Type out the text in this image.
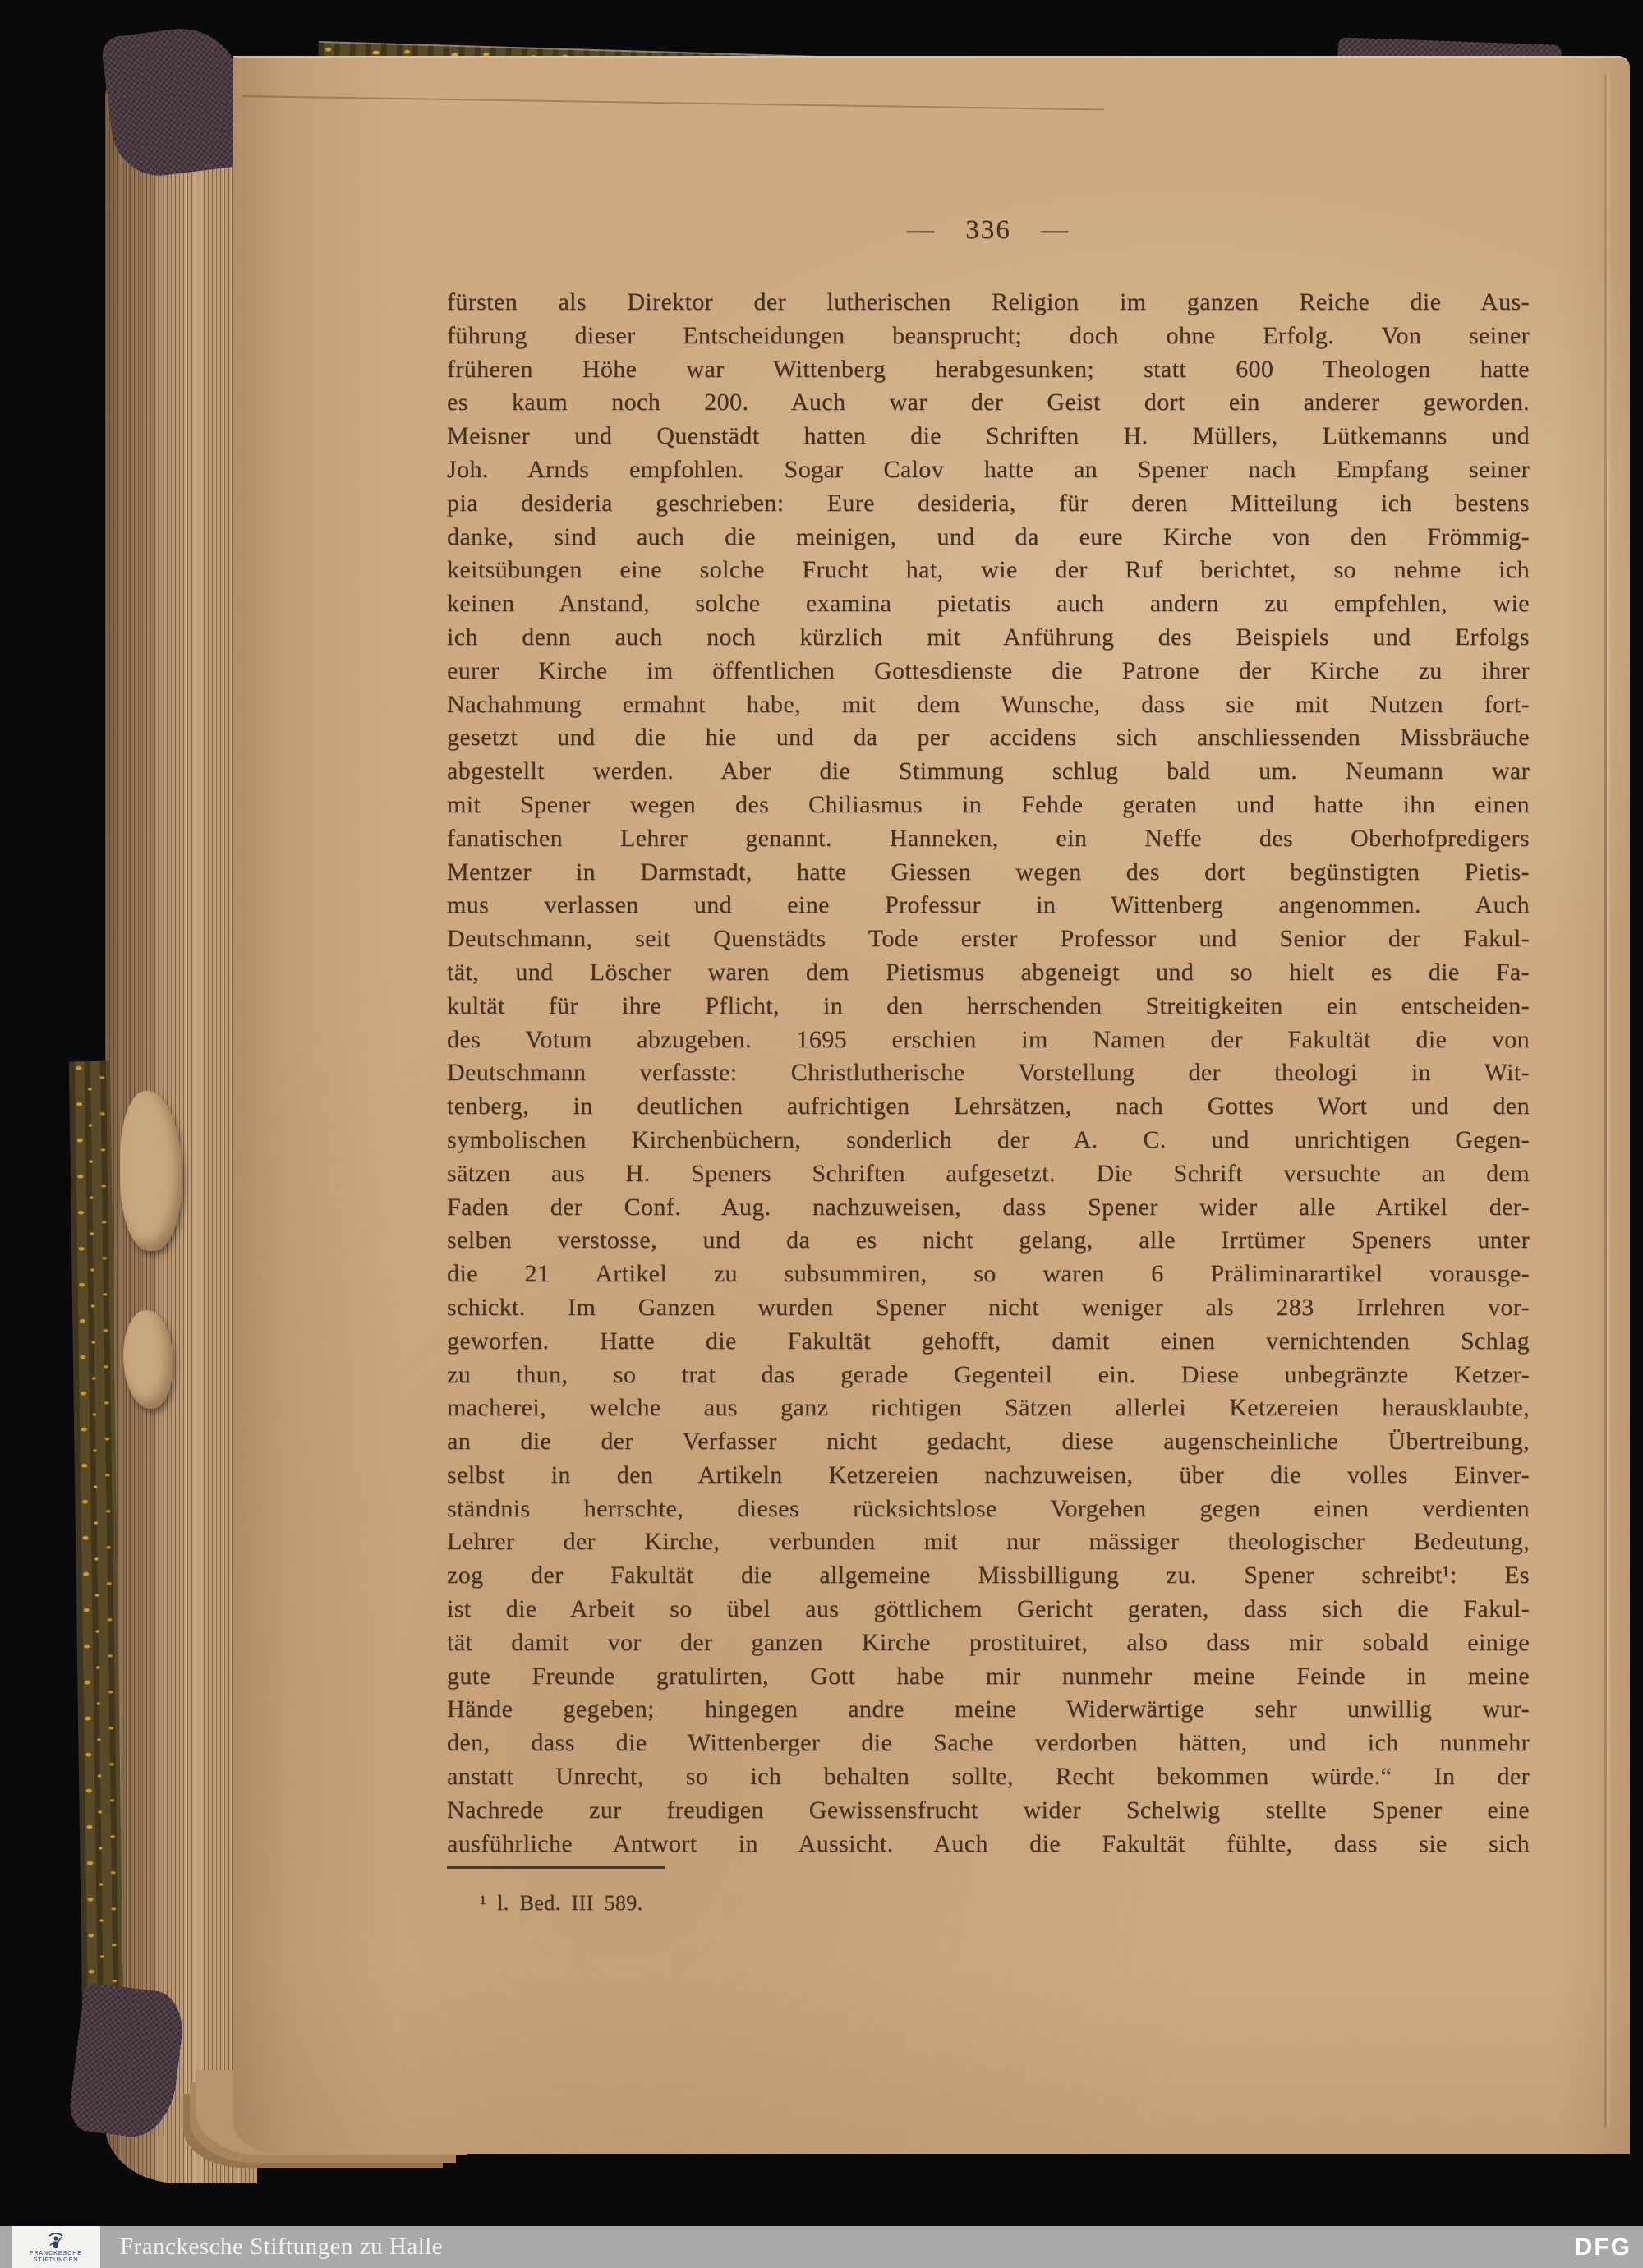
— 336 —
fürsten als Direktor der lutherischen Religion im ganzen Reiche die Aus-
führung dieser Entscheidungen beansprucht; doch ohne Erfolg. Von seiner
früheren Höhe war Wittenberg herabgesunken; statt 600 Theologen hatte
es kaum noch 200. Auch war der Geist dort ein anderer geworden.
Meisner und Quenstädt hatten die Schriften H. Müllers, Lütkemanns und
Joh. Arnds empfohlen. Sogar Calov hatte an Spener nach Empfang seiner
pia desideria geschrieben: Eure desideria, für deren Mitteilung ich bestens
danke, sind auch die meinigen, und da eure Kirche von den Frömmig-
keitsübungen eine solche Frucht hat, wie der Ruf berichtet, so nehme ich
keinen Anstand, solche examina pietatis auch andern zu empfehlen, wie
ich denn auch noch kürzlich mit Anführung des Beispiels und Erfolgs
eurer Kirche im öffentlichen Gottesdienste die Patrone der Kirche zu ihrer
Nachahmung ermahnt habe, mit dem Wunsche, dass sie mit Nutzen fort-
gesetzt und die hie und da per accidens sich anschliessenden Missbräuche
abgestellt werden. Aber die Stimmung schlug bald um. Neumann war
mit Spener wegen des Chiliasmus in Fehde geraten und hatte ihn einen
fanatischen Lehrer genannt. Hanneken, ein Neffe des Oberhofpredigers
Mentzer in Darmstadt, hatte Giessen wegen des dort begünstigten Pietis-
mus verlassen und eine Professur in Wittenberg angenommen. Auch
Deutschmann, seit Quenstädts Tode erster Professor und Senior der Fakul-
tät, und Löscher waren dem Pietismus abgeneigt und so hielt es die Fa-
kultät für ihre Pflicht, in den herrschenden Streitigkeiten ein entscheiden-
des Votum abzugeben. 1695 erschien im Namen der Fakultät die von
Deutschmann verfasste: Christlutherische Vorstellung der theologi in Wit-
tenberg, in deutlichen aufrichtigen Lehrsätzen, nach Gottes Wort und den
symbolischen Kirchenbüchern, sonderlich der A. C. und unrichtigen Gegen-
sätzen aus H. Speners Schriften aufgesetzt. Die Schrift versuchte an dem
Faden der Conf. Aug. nachzuweisen, dass Spener wider alle Artikel der-
selben verstosse, und da es nicht gelang, alle Irrtümer Speners unter
die 21 Artikel zu subsummiren, so waren 6 Präliminarartikel vorausge-
schickt. Im Ganzen wurden Spener nicht weniger als 283 Irrlehren vor-
geworfen. Hatte die Fakultät gehofft, damit einen vernichtenden Schlag
zu thun, so trat das gerade Gegenteil ein. Diese unbegränzte Ketzer-
macherei, welche aus ganz richtigen Sätzen allerlei Ketzereien herausklaubte,
an die der Verfasser nicht gedacht, diese augenscheinliche Übertreibung,
selbst in den Artikeln Ketzereien nachzuweisen, über die volles Einver-
ständnis herrschte, dieses rücksichtslose Vorgehen gegen einen verdienten
Lehrer der Kirche, verbunden mit nur mässiger theologischer Bedeutung,
zog der Fakultät die allgemeine Missbilligung zu. Spener schreibt¹: Es
ist die Arbeit so übel aus göttlichem Gericht geraten, dass sich die Fakul-
tät damit vor der ganzen Kirche prostituiret, also dass mir sobald einige
gute Freunde gratulirten, Gott habe mir nunmehr meine Feinde in meine
Hände gegeben; hingegen andre meine Widerwärtige sehr unwillig wur-
den, dass die Wittenberger die Sache verdorben hätten, und ich nunmehr
anstatt Unrecht, so ich behalten sollte, Recht bekommen würde.“ In der
Nachrede zur freudigen Gewissensfrucht wider Schelwig stellte Spener eine
ausführliche Antwort in Aussicht. Auch die Fakultät fühlte, dass sie sich
¹ l. Bed. III 589.
FRANCKESCHE
STIFTUNGEN Franckesche Stiftungen zu Halle	DFG
